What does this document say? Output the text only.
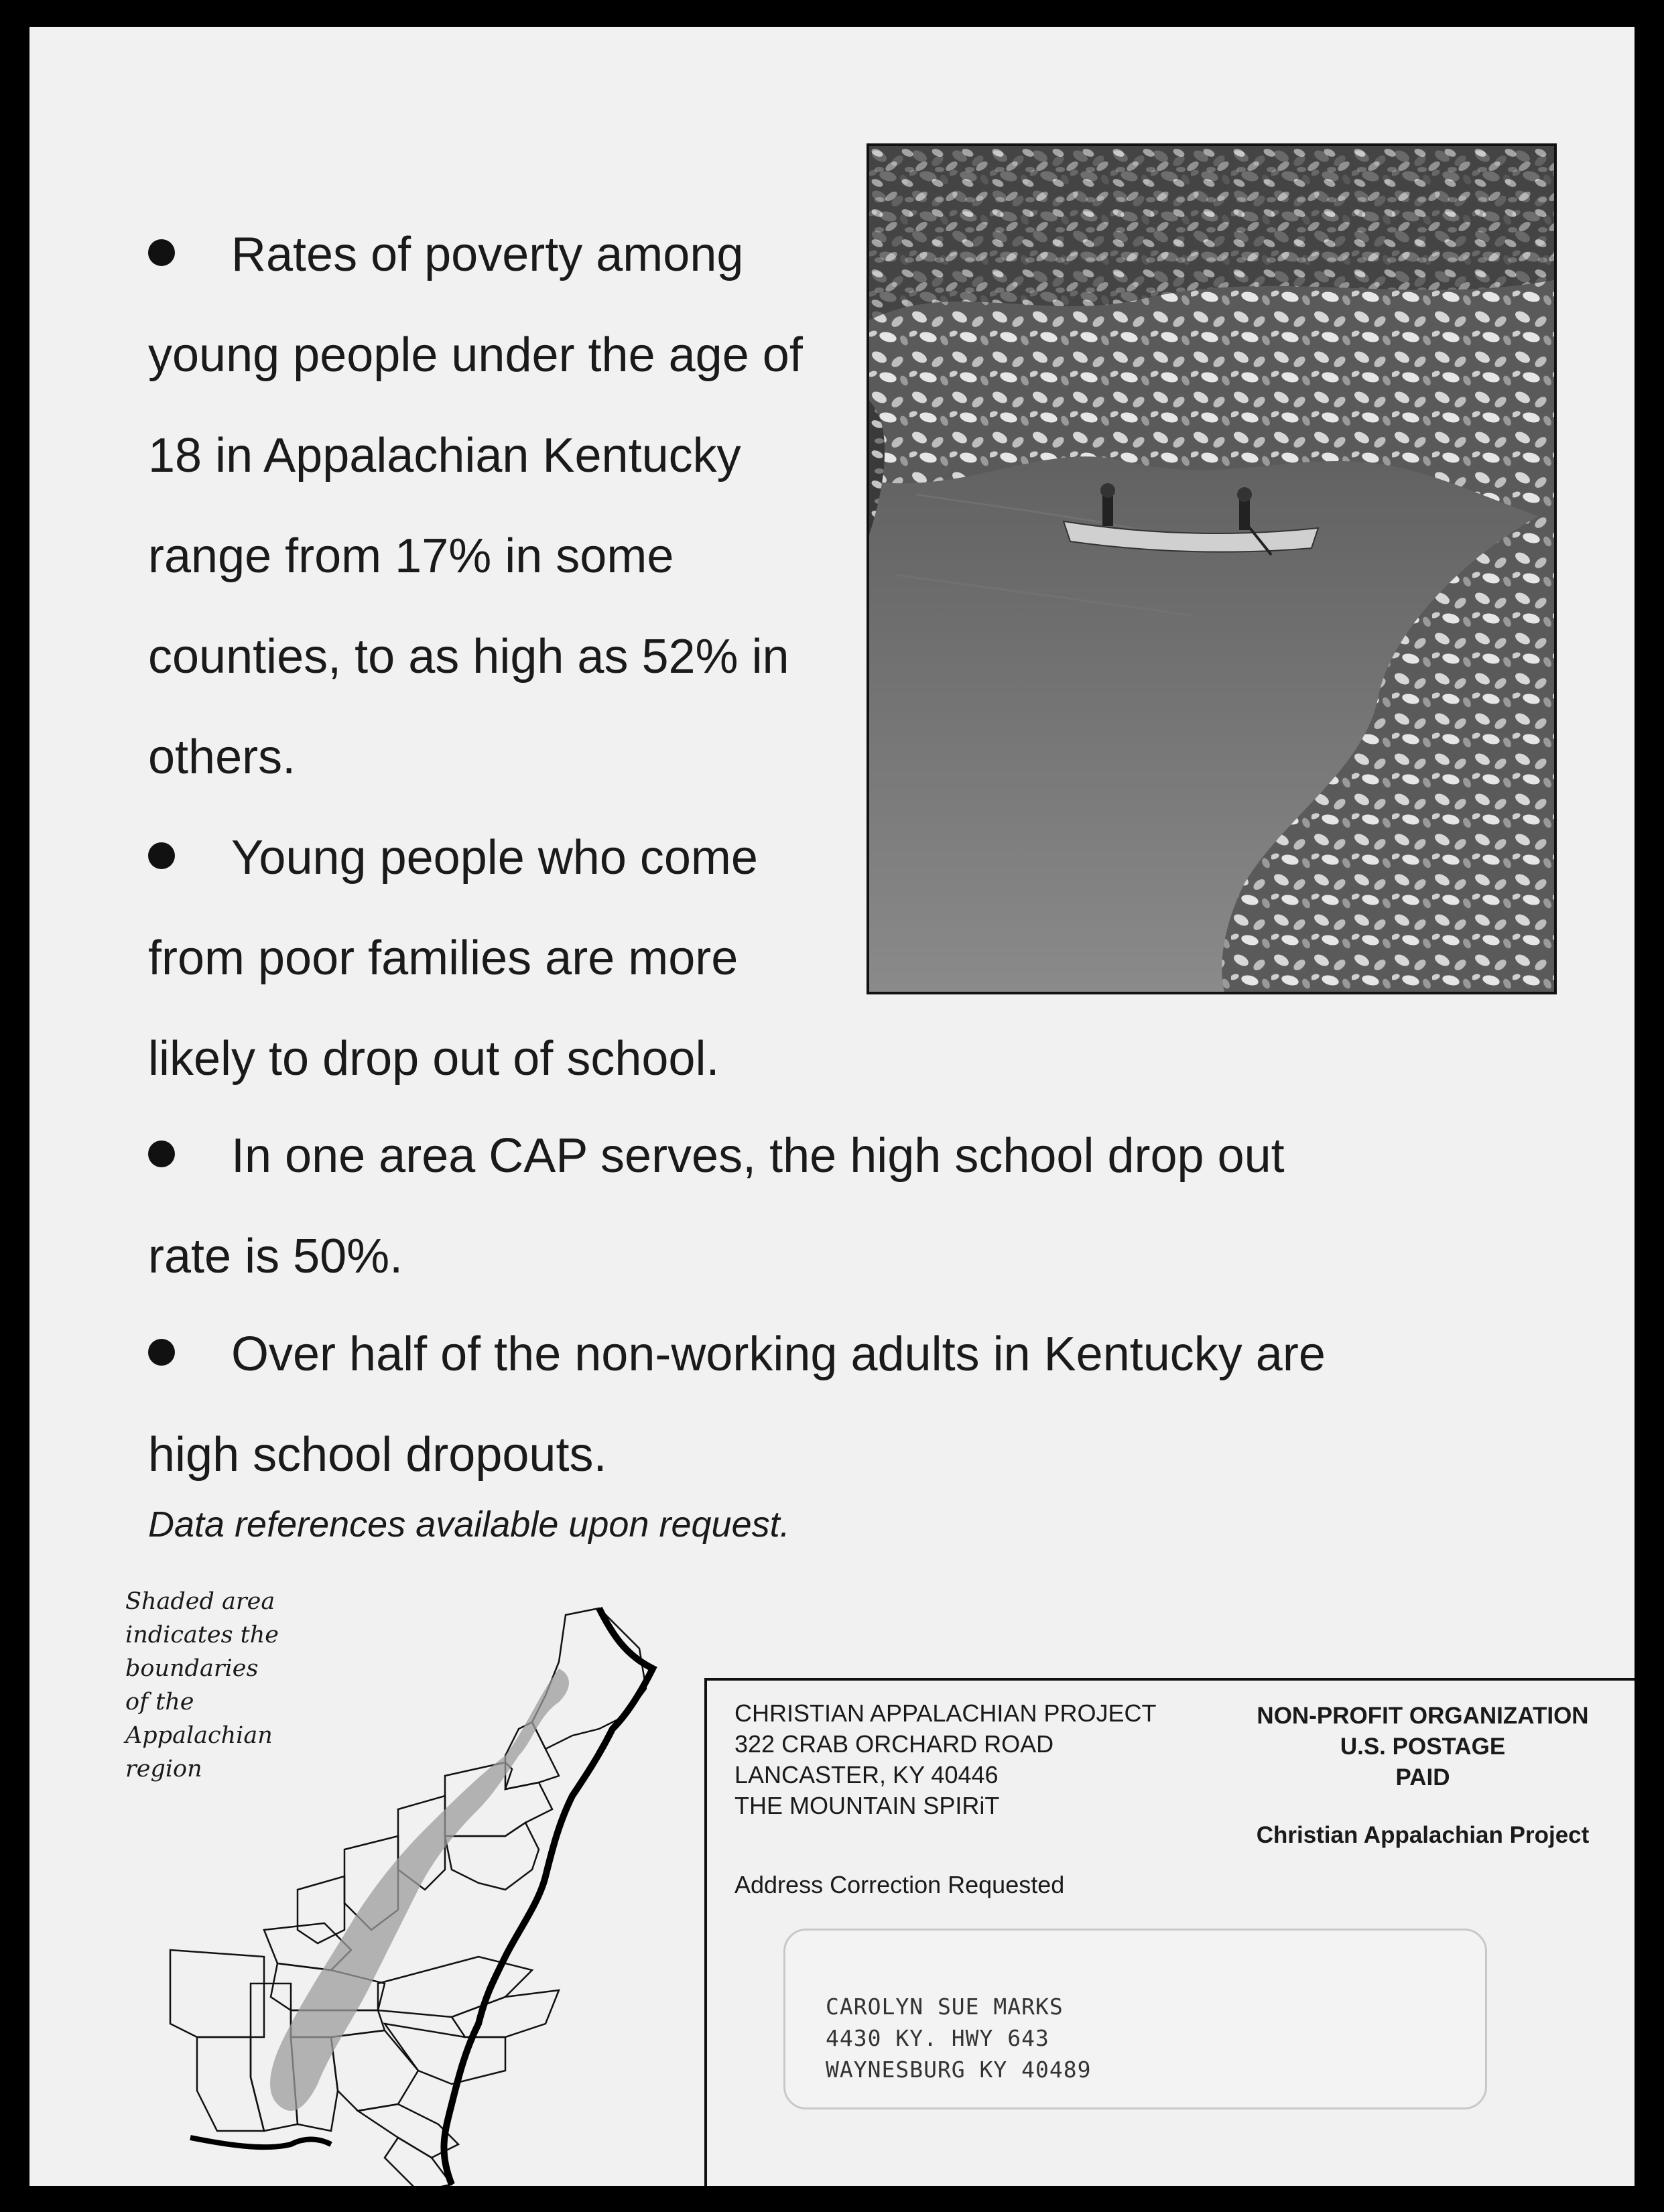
Rates of poverty among
young people under the age of
18 in Appalachian Kentucky
range from 17% in some
counties, to as high as 52% in
others.
Young people who come
from poor families are more
likely to drop out of school.
In one area CAP serves, the high school drop out
rate is 50%.
Over half of the non-working adults in Kentucky are
high school dropouts.
Data references available upon request.
Shaded area
indicates the
boundaries
of the
Appalachian
region
CHRISTIAN APPALACHIAN PROJECT
322 CRAB ORCHARD ROAD
LANCASTER, KY 40446
THE MOUNTAIN SPIRiT
Address Correction Requested
NON-PROFIT ORGANIZATION
U.S. POSTAGE
PAID
Christian Appalachian Project
CAROLYN SUE MARKS
4430 KY. HWY 643
WAYNESBURG KY 40489
